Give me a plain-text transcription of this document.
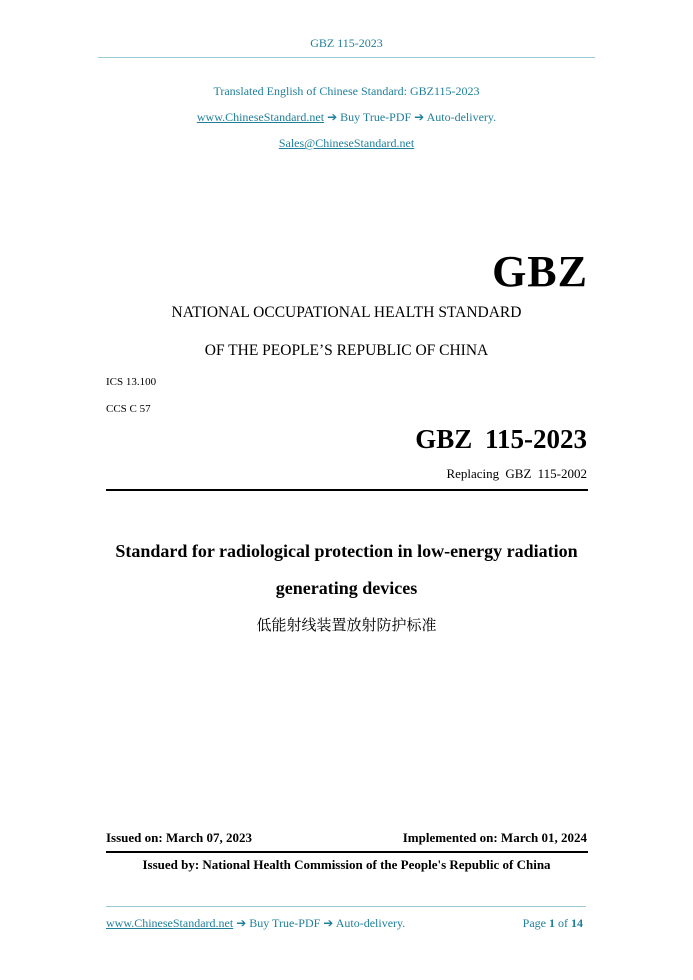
GBZ 115-2023
Translated English of Chinese Standard: GBZ115-2023
www.ChineseStandard.net ➔ Buy True-PDF ➔ Auto-delivery.
Sales@ChineseStandard.net
GBZ
NATIONAL OCCUPATIONAL HEALTH STANDARD
OF THE PEOPLE’S REPUBLIC OF CHINA
ICS 13.100
CCS C 57
GBZ 115-2023
Replacing GBZ 115-2002
Standard for radiological protection in low-energy radiation
generating devices
低能射线装置放射防护标准
Issued on: March 07, 2023	Implemented on: March 01, 2024
Issued by: National Health Commission of the People's Republic of China
www.ChineseStandard.net ➔ Buy True-PDF ➔ Auto-delivery.	Page 1 of 14
